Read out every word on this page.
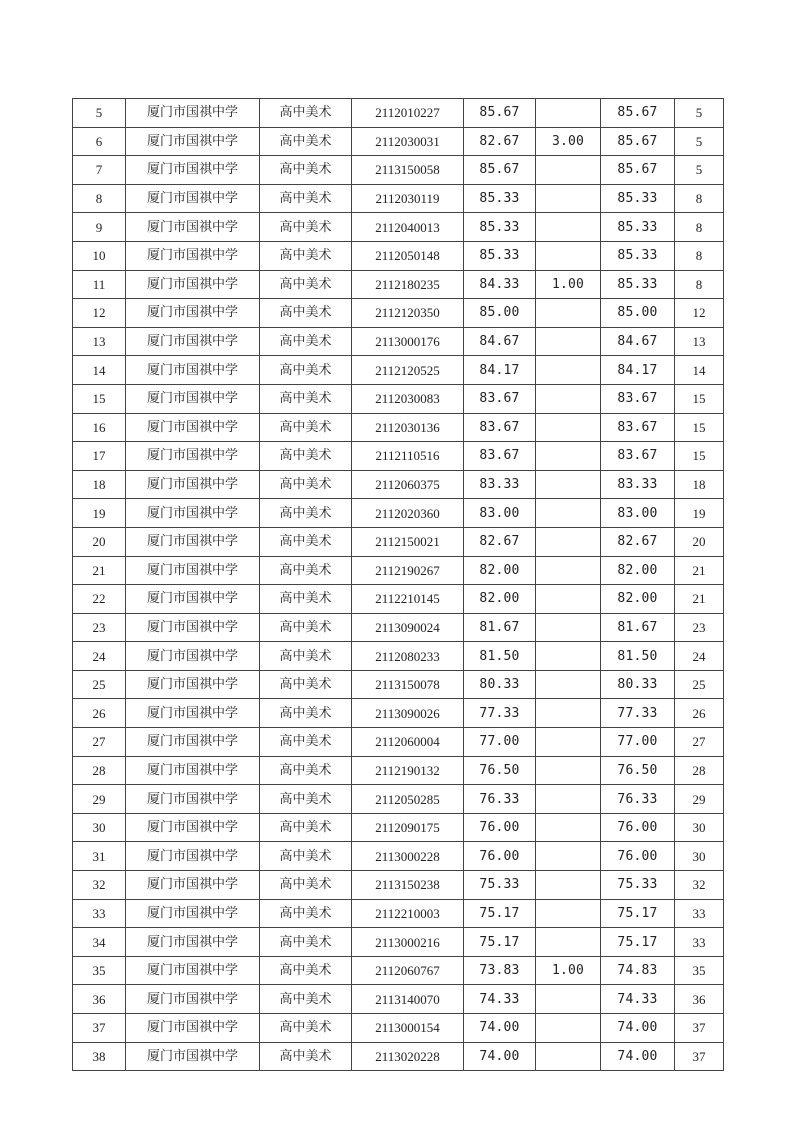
5	厦门市国祺中学	高中美术	2112010227	85.67		85.67	5
6	厦门市国祺中学	高中美术	2112030031	82.67	3.00	85.67	5
7	厦门市国祺中学	高中美术	2113150058	85.67		85.67	5
8	厦门市国祺中学	高中美术	2112030119	85.33		85.33	8
9	厦门市国祺中学	高中美术	2112040013	85.33		85.33	8
10	厦门市国祺中学	高中美术	2112050148	85.33		85.33	8
11	厦门市国祺中学	高中美术	2112180235	84.33	1.00	85.33	8
12	厦门市国祺中学	高中美术	2112120350	85.00		85.00	12
13	厦门市国祺中学	高中美术	2113000176	84.67		84.67	13
14	厦门市国祺中学	高中美术	2112120525	84.17		84.17	14
15	厦门市国祺中学	高中美术	2112030083	83.67		83.67	15
16	厦门市国祺中学	高中美术	2112030136	83.67		83.67	15
17	厦门市国祺中学	高中美术	2112110516	83.67		83.67	15
18	厦门市国祺中学	高中美术	2112060375	83.33		83.33	18
19	厦门市国祺中学	高中美术	2112020360	83.00		83.00	19
20	厦门市国祺中学	高中美术	2112150021	82.67		82.67	20
21	厦门市国祺中学	高中美术	2112190267	82.00		82.00	21
22	厦门市国祺中学	高中美术	2112210145	82.00		82.00	21
23	厦门市国祺中学	高中美术	2113090024	81.67		81.67	23
24	厦门市国祺中学	高中美术	2112080233	81.50		81.50	24
25	厦门市国祺中学	高中美术	2113150078	80.33		80.33	25
26	厦门市国祺中学	高中美术	2113090026	77.33		77.33	26
27	厦门市国祺中学	高中美术	2112060004	77.00		77.00	27
28	厦门市国祺中学	高中美术	2112190132	76.50		76.50	28
29	厦门市国祺中学	高中美术	2112050285	76.33		76.33	29
30	厦门市国祺中学	高中美术	2112090175	76.00		76.00	30
31	厦门市国祺中学	高中美术	2113000228	76.00		76.00	30
32	厦门市国祺中学	高中美术	2113150238	75.33		75.33	32
33	厦门市国祺中学	高中美术	2112210003	75.17		75.17	33
34	厦门市国祺中学	高中美术	2113000216	75.17		75.17	33
35	厦门市国祺中学	高中美术	2112060767	73.83	1.00	74.83	35
36	厦门市国祺中学	高中美术	2113140070	74.33		74.33	36
37	厦门市国祺中学	高中美术	2113000154	74.00		74.00	37
38	厦门市国祺中学	高中美术	2113020228	74.00		74.00	37
